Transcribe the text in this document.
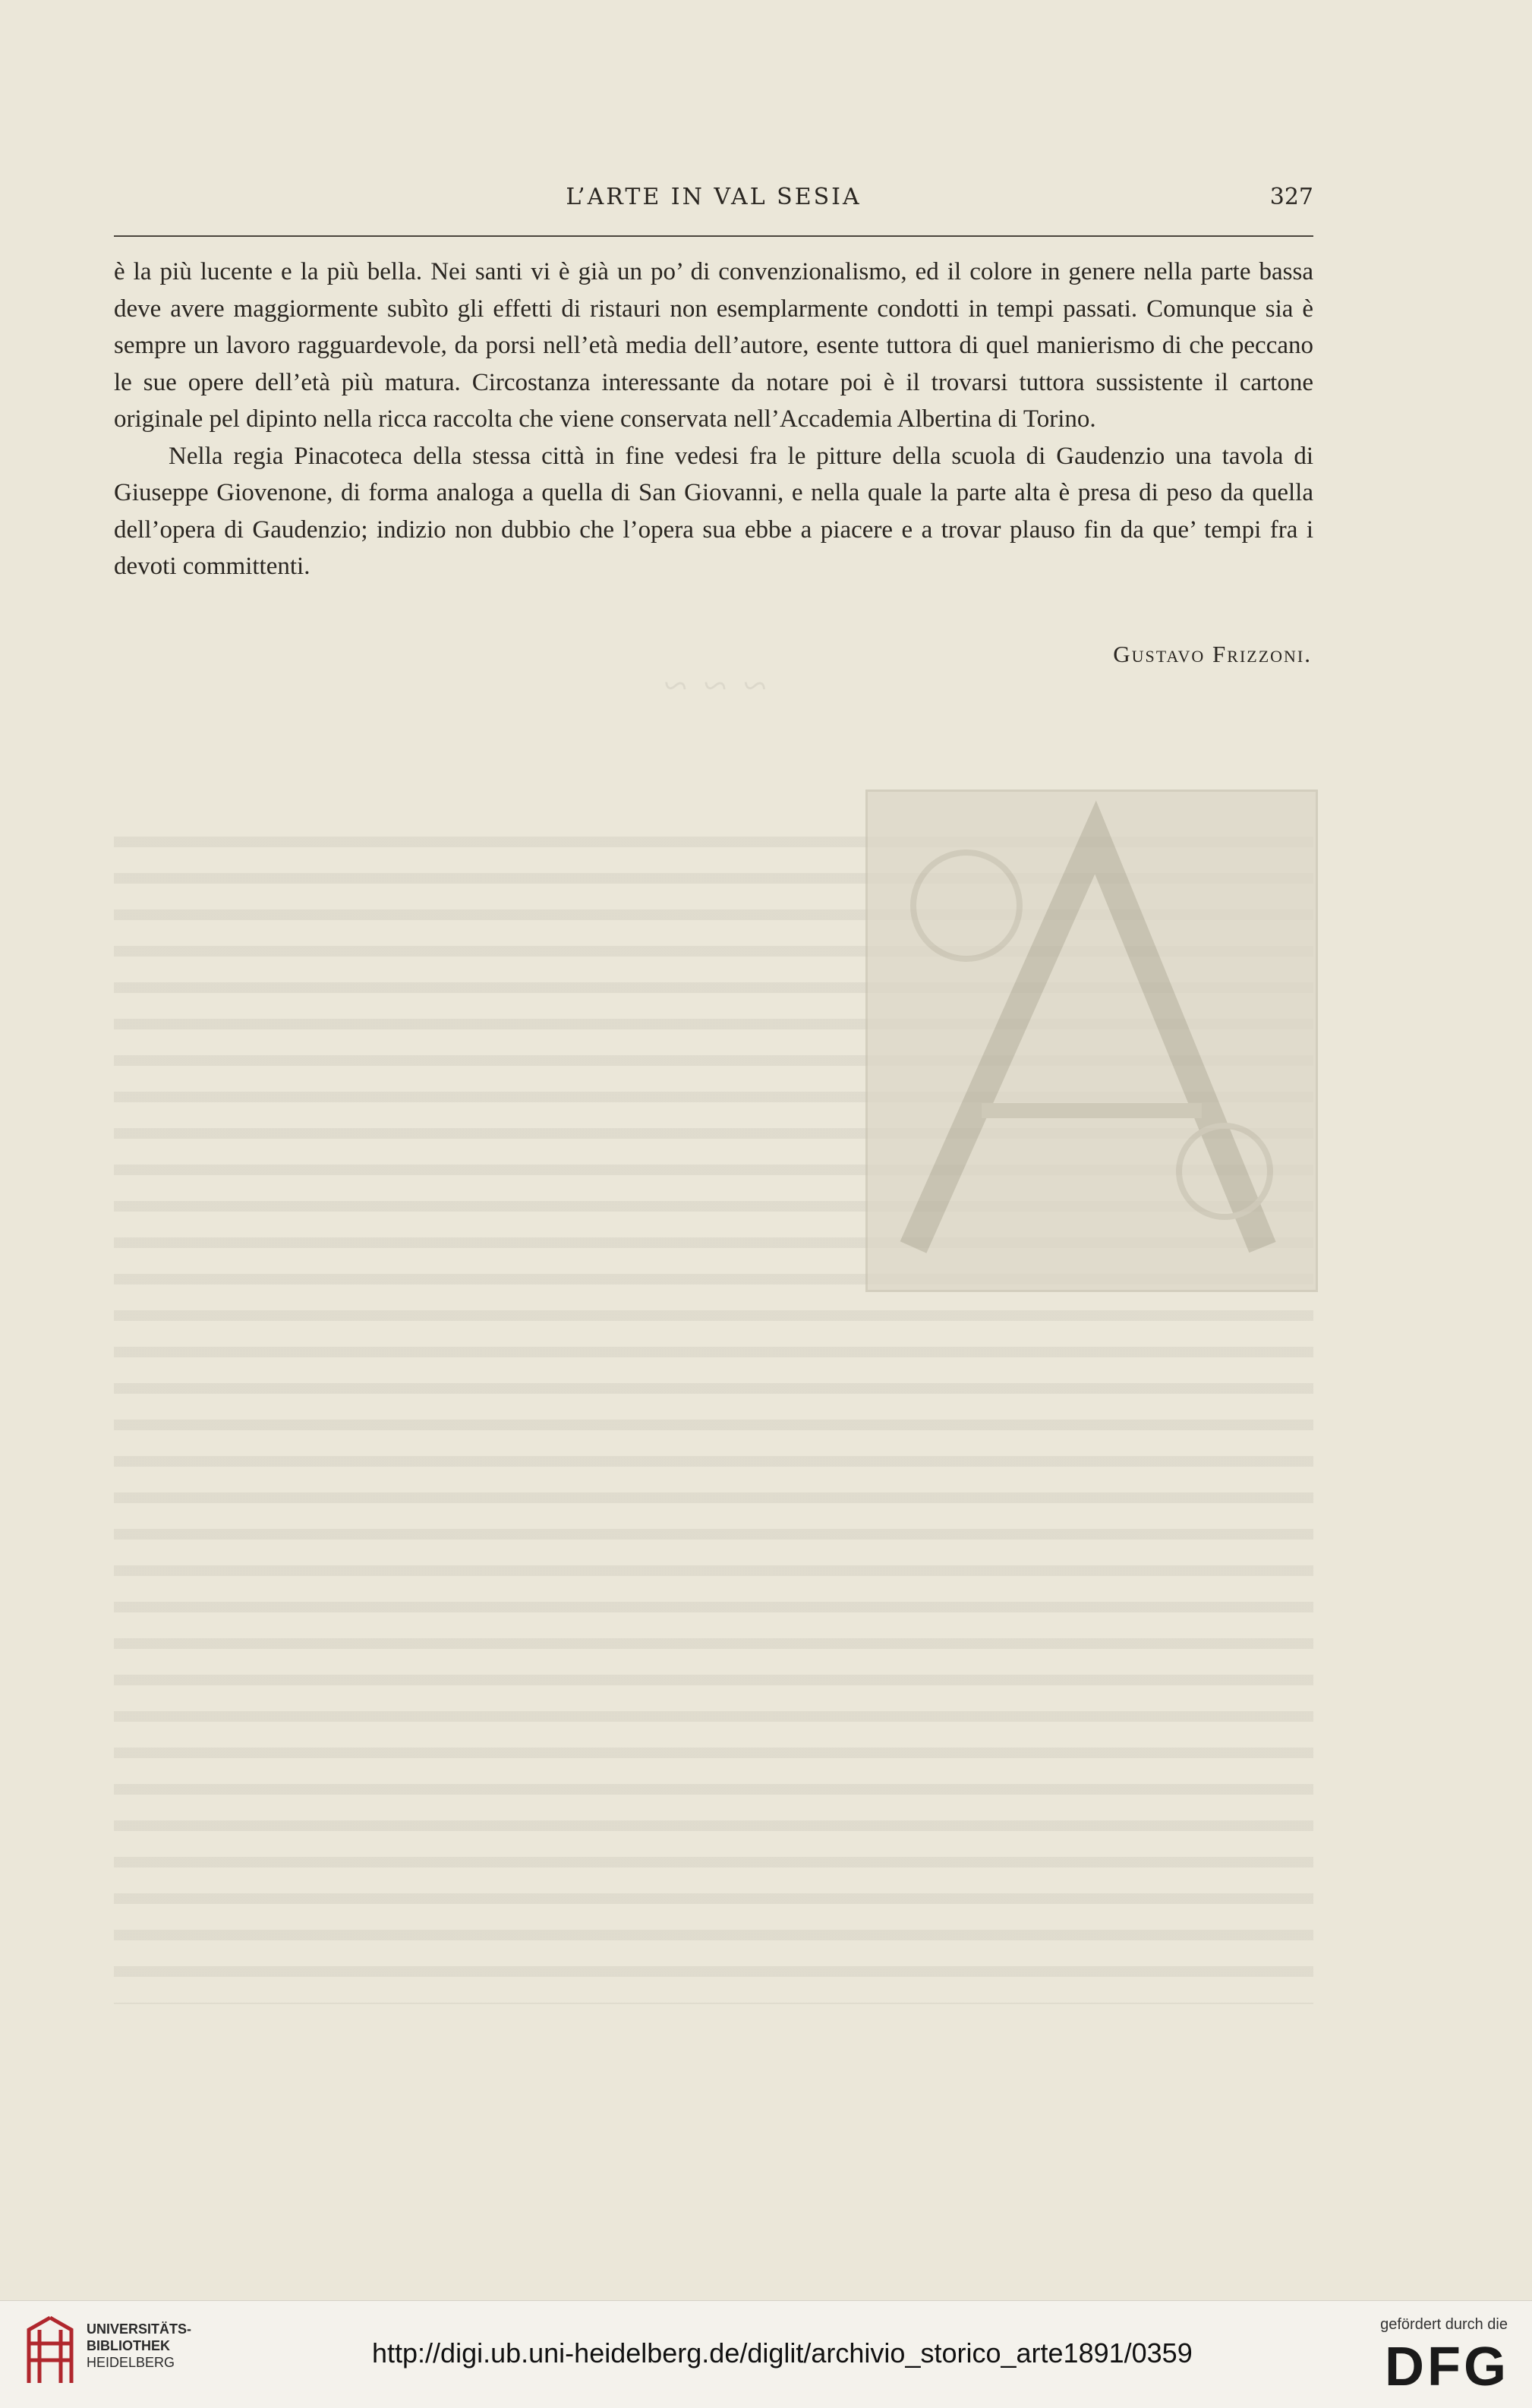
L’ARTE IN VAL SESIA	327
~ ~ ~

è la più lucente e la più bella. Nei santi vi è già un po’ di convenzionalismo, ed il colore in genere nella parte bassa deve avere maggiormente subìto gli effetti di ristauri non esemplarmente condotti in tempi passati. Comunque sia è sempre un lavoro ragguardevole, da porsi nell’età media dell’autore, esente tuttora di quel manierismo di che peccano le sue opere dell’età più matura. Circostanza interessante da notare poi è il trovarsi tuttora sussistente il cartone originale pel dipinto nella ricca raccolta che viene conservata nell’Accademia Albertina di Torino.

Nella regia Pinacoteca della stessa città in fine vedesi fra le pitture della scuola di Gaudenzio una tavola di Giuseppe Giovenone, di forma analoga a quella di San Giovanni, e nella quale la parte alta è presa di peso da quella dell’opera di Gaudenzio; indizio non dubbio che l’opera sua ebbe a piacere e a trovar plauso fin da que’ tempi fra i devoti committenti.

Gustavo Frizzoni.
UNIVERSITÄTS-
BIBLIOTHEK
HEIDELBERG	http://digi.ub.uni-heidelberg.de/diglit/archivio_storico_arte1891/0359
gefördert durch die
DFG
